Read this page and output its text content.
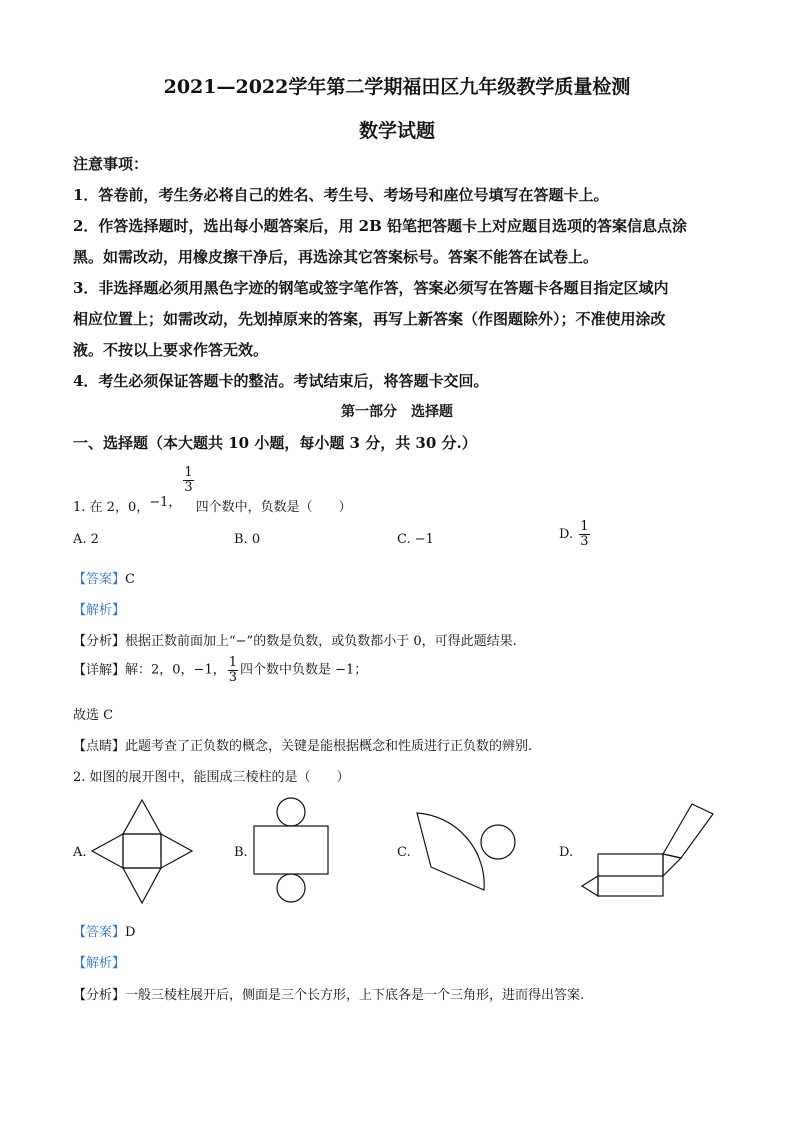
2021—2022学年第二学期福田区九年级教学质量检测
数学试题
注意事项：
1．答卷前，考生务必将自己的姓名、考生号、考场号和座位号填写在答题卡上。
2．作答选择题时，选出每小题答案后，用 2B 铅笔把答题卡上对应题目选项的答案信息点涂
黑。如需改动，用橡皮擦干净后，再选涂其它答案标号。答案不能答在试卷上。
3．非选择题必须用黑色字迹的钢笔或签字笔作答，答案必须写在答题卡各题目指定区域内
相应位置上；如需改动，先划掉原来的答案，再写上新答案（作图题除外）；不准使用涂改
液。不按以上要求作答无效。
4．考生必须保证答题卡的整洁。考试结束后，将答题卡交回。
第一部分　选择题
一、选择题（本大题共 10 小题，每小题 3 分，共 30 分.）
1. 在 2，0，−1，
$\frac{1}{3}$
四个数中，负数是（　　）
A. 2	B. 0	C. −1	D. $\frac{1}{3}$
【答案】C
【解析】
【分析】根据正数前面加上“−”的数是负数，或负数都小于 0，可得此题结果.
【详解】解：2，0，−1， $\frac{1}{3}$ 四个数中负数是 −1；
故选 C
【点睛】此题考查了正负数的概念，关键是能根据概念和性质进行正负数的辨别.
2. 如图的展开图中，能围成三棱柱的是（　　）
A.	B.	C.	D.
【答案】D
【解析】
【分析】一般三棱柱展开后，侧面是三个长方形，上下底各是一个三角形，进而得出答案.
